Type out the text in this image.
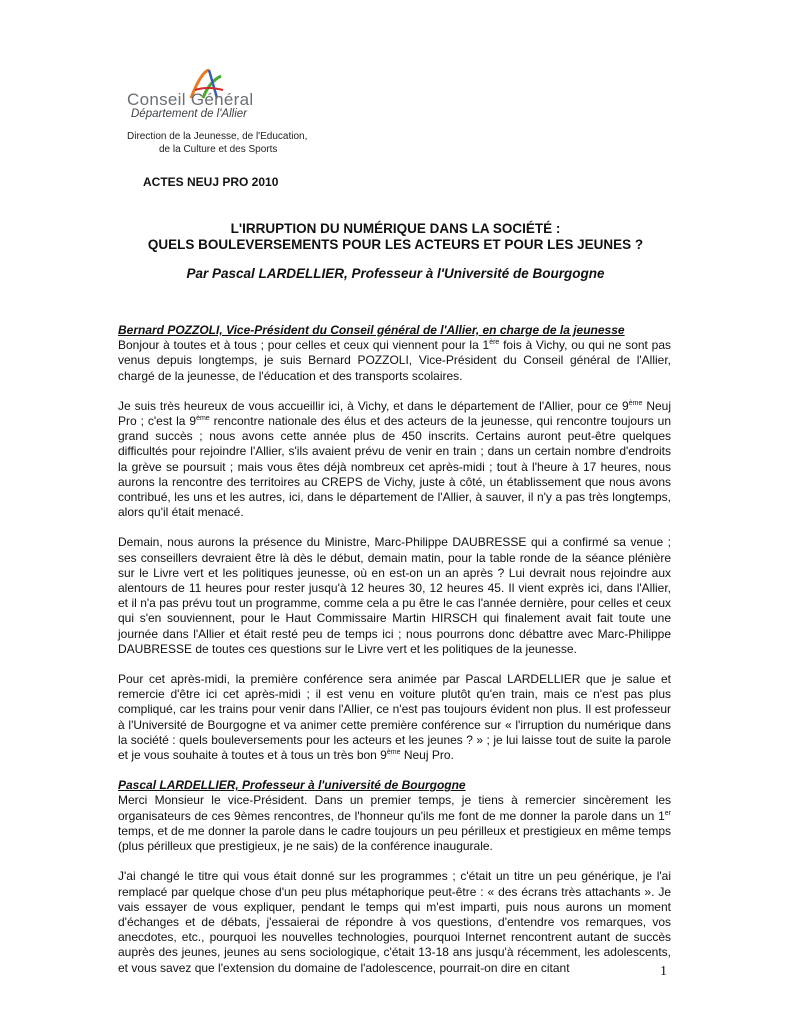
Conseil Général
Département de l'Allier
Direction de la Jeunesse, de l'Education,
de la Culture et des Sports
ACTES NEUJ PRO 2010
L'IRRUPTION DU NUMÉRIQUE DANS LA SOCIÉTÉ :
QUELS BOULEVERSEMENTS POUR LES ACTEURS ET POUR LES JEUNES ?
Par Pascal LARDELLIER, Professeur à l'Université de Bourgogne

Bernard POZZOLI, Vice-Président du Conseil général de l'Allier, en charge de la jeunesse
Bonjour à toutes et à tous ; pour celles et ceux qui viennent pour la 1ère fois à Vichy, ou qui ne sont pas venus depuis longtemps, je suis Bernard POZZOLI, Vice-Président du Conseil général de l'Allier, chargé de la jeunesse, de l'éducation et des transports scolaires.

Je suis très heureux de vous accueillir ici, à Vichy, et dans le département de l'Allier, pour ce 9ème Neuj Pro ; c'est la 9ème rencontre nationale des élus et des acteurs de la jeunesse, qui rencontre toujours un grand succès ; nous avons cette année plus de 450 inscrits. Certains auront peut-être quelques difficultés pour rejoindre l'Allier, s'ils avaient prévu de venir en train ; dans un certain nombre d'endroits la grève se poursuit ; mais vous êtes déjà nombreux cet après-midi ; tout à l'heure à 17 heures, nous aurons la rencontre des territoires au CREPS de Vichy, juste à côté, un établissement que nous avons contribué, les uns et les autres, ici, dans le département de l'Allier, à sauver, il n'y a pas très longtemps, alors qu'il était menacé.

Demain, nous aurons la présence du Ministre, Marc-Philippe DAUBRESSE qui a confirmé sa venue ; ses conseillers devraient être là dès le début, demain matin, pour la table ronde de la séance plénière sur le Livre vert et les politiques jeunesse, où en est-on un an après ? Lui devrait nous rejoindre aux alentours de 11 heures pour rester jusqu'à 12 heures 30, 12 heures 45. Il vient exprès ici, dans l'Allier, et il n'a pas prévu tout un programme, comme cela a pu être le cas l'année dernière, pour celles et ceux qui s'en souviennent, pour le Haut Commissaire Martin HIRSCH qui finalement avait fait toute une journée dans l'Allier et était resté peu de temps ici ; nous pourrons donc débattre avec Marc-Philippe DAUBRESSE de toutes ces questions sur le Livre vert et les politiques de la jeunesse.

Pour cet après-midi, la première conférence sera animée par Pascal LARDELLIER que je salue et remercie d'être ici cet après-midi ; il est venu en voiture plutôt qu'en train, mais ce n'est pas plus compliqué, car les trains pour venir dans l'Allier, ce n'est pas toujours évident non plus. Il est professeur à l'Université de Bourgogne et va animer cette première conférence sur « l'irruption du numérique dans la société : quels bouleversements pour les acteurs et les jeunes ? » ; je lui laisse tout de suite la parole et je vous souhaite à toutes et à tous un très bon 9ème Neuj Pro.

Pascal LARDELLIER, Professeur à l'université de Bourgogne
Merci Monsieur le vice-Président. Dans un premier temps, je tiens à remercier sincèrement les organisateurs de ces 9èmes rencontres, de l'honneur qu'ils me font de me donner la parole dans un 1er temps, et de me donner la parole dans le cadre toujours un peu périlleux et prestigieux en même temps (plus périlleux que prestigieux, je ne sais) de la conférence inaugurale.

J'ai changé le titre qui vous était donné sur les programmes ; c'était un titre un peu générique, je l'ai remplacé par quelque chose d'un peu plus métaphorique peut-être : « des écrans très attachants ». Je vais essayer de vous expliquer, pendant le temps qui m'est imparti, puis nous aurons un moment d'échanges et de débats, j'essaierai de répondre à vos questions, d'entendre vos remarques, vos anecdotes, etc., pourquoi les nouvelles technologies, pourquoi Internet rencontrent autant de succès auprès des jeunes, jeunes au sens sociologique, c'était 13-18 ans jusqu'à récemment, les adolescents, et vous savez que l'extension du domaine de l'adolescence, pourrait-on dire en citant	1
